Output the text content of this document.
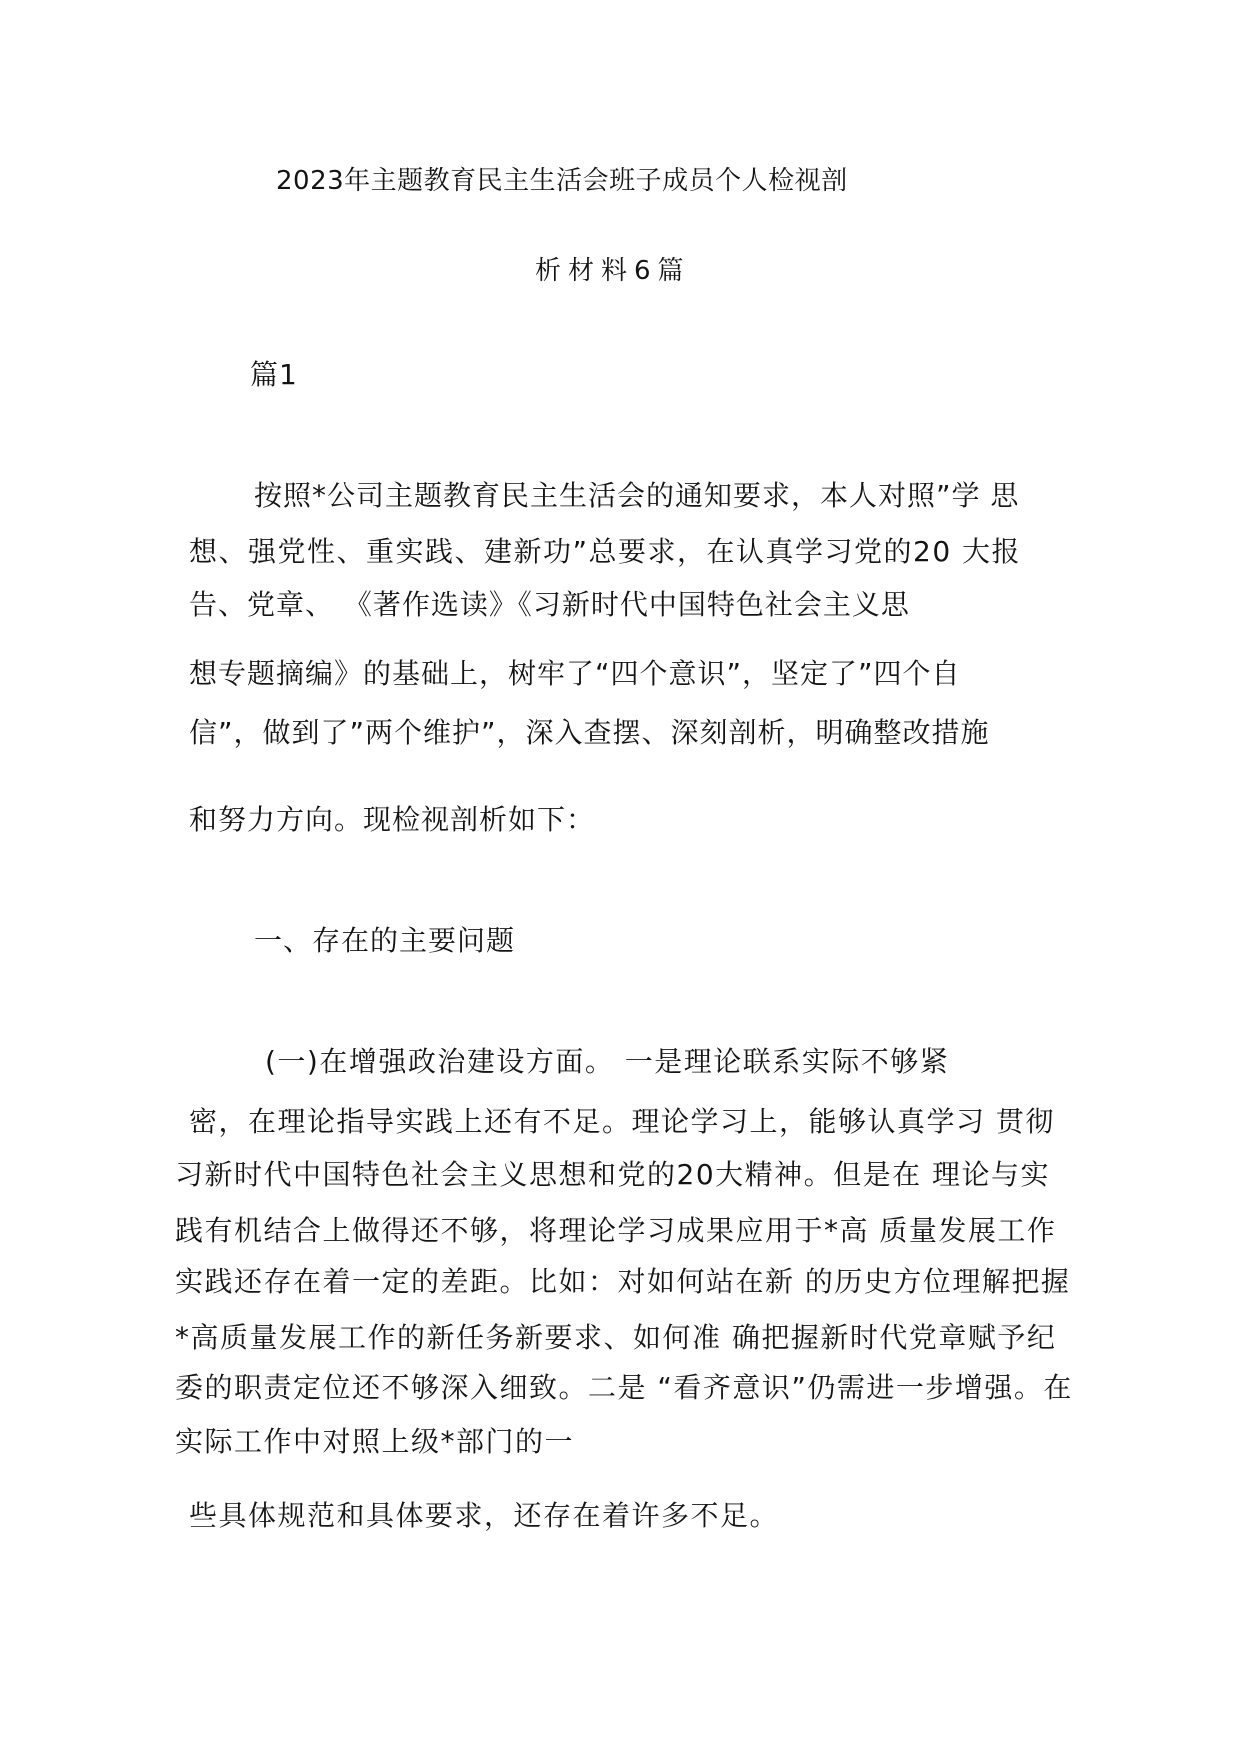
2023年主题教育民主生活会班子成员个人检视剖
析材料6篇
篇1
按照*公司主题教育民主生活会的通知要求，本人对照”学 思
想、强党性、重实践、建新功”总要求，在认真学习党的20 大报
告、党章、 《著作选读》《习新时代中国特色社会主义思
想专题摘编》的基础上，树牢了“四个意识”，坚定了”四个自
信”，做到了”两个维护”，深入查摆、深刻剖析，明确整改措施
和努力方向。现检视剖析如下：
一、存在的主要问题
(一)在增强政治建设方面。 一是理论联系实际不够紧
密，在理论指导实践上还有不足。理论学习上，能够认真学习 贯彻
习新时代中国特色社会主义思想和党的20大精神。但是在 理论与实
践有机结合上做得还不够，将理论学习成果应用于*高 质量发展工作
实践还存在着一定的差距。比如：对如何站在新 的历史方位理解把握
*高质量发展工作的新任务新要求、如何准 确把握新时代党章赋予纪
委的职责定位还不够深入细致。二是 “看齐意识”仍需进一步增强。在
实际工作中对照上级*部门的一
些具体规范和具体要求，还存在着许多不足。
